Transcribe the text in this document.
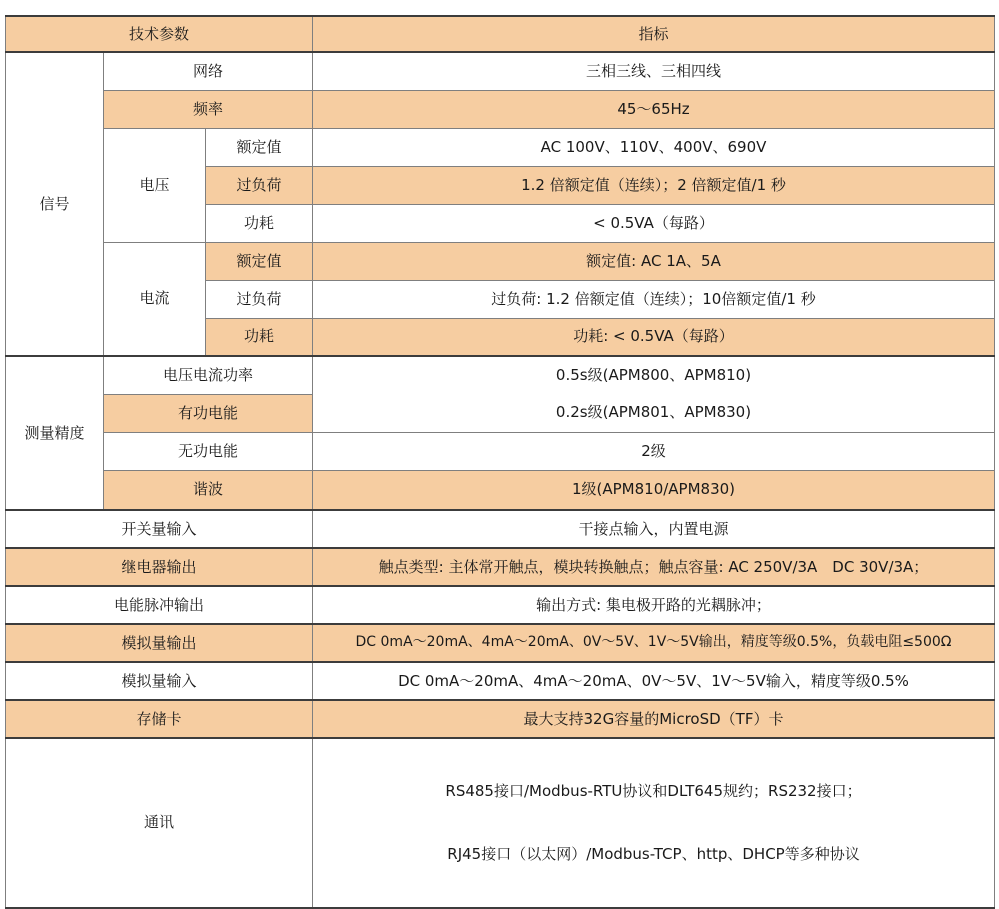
技术参数			指标
信号	网络		三相三线、三相四线
	频率		45～65Hz
	电压	额定值	AC 100V、110V、400V、690V
		过负荷	1.2 倍额定值（连续）；2 倍额定值/1 秒
		功耗	< 0.5VA（每路）
	电流	额定值	额定值: AC 1A、5A
		过负荷	过负荷: 1.2 倍额定值（连续）；10倍额定值/1 秒
		功耗	功耗: < 0.5VA（每路）
测量精度	电压电流功率		0.5s级(APM800、APM810)
	有功电能		0.2s级(APM801、APM830)
	无功电能		2级
	谐波		1级(APM810/APM830)
开关量输入			干接点输入，内置电源
继电器输出			触点类型: 主体常开触点，模块转换触点；触点容量: AC 250V/3A　DC 30V/3A；
电能脉冲输出			输出方式: 集电极开路的光耦脉冲；
模拟量输出			DC 0mA～20mA、4mA～20mA、0V～5V、1V～5V输出，精度等级0.5%，负载电阻≤500Ω
模拟量输入			DC 0mA～20mA、4mA～20mA、0V～5V、1V～5V输入，精度等级0.5%
存储卡			最大支持32G容量的MicroSD（TF）卡
通讯			RS485接口/Modbus-RTU协议和DLT645规约；RS232接口；

RJ45接口（以太网）/Modbus-TCP、http、DHCP等多种协议
